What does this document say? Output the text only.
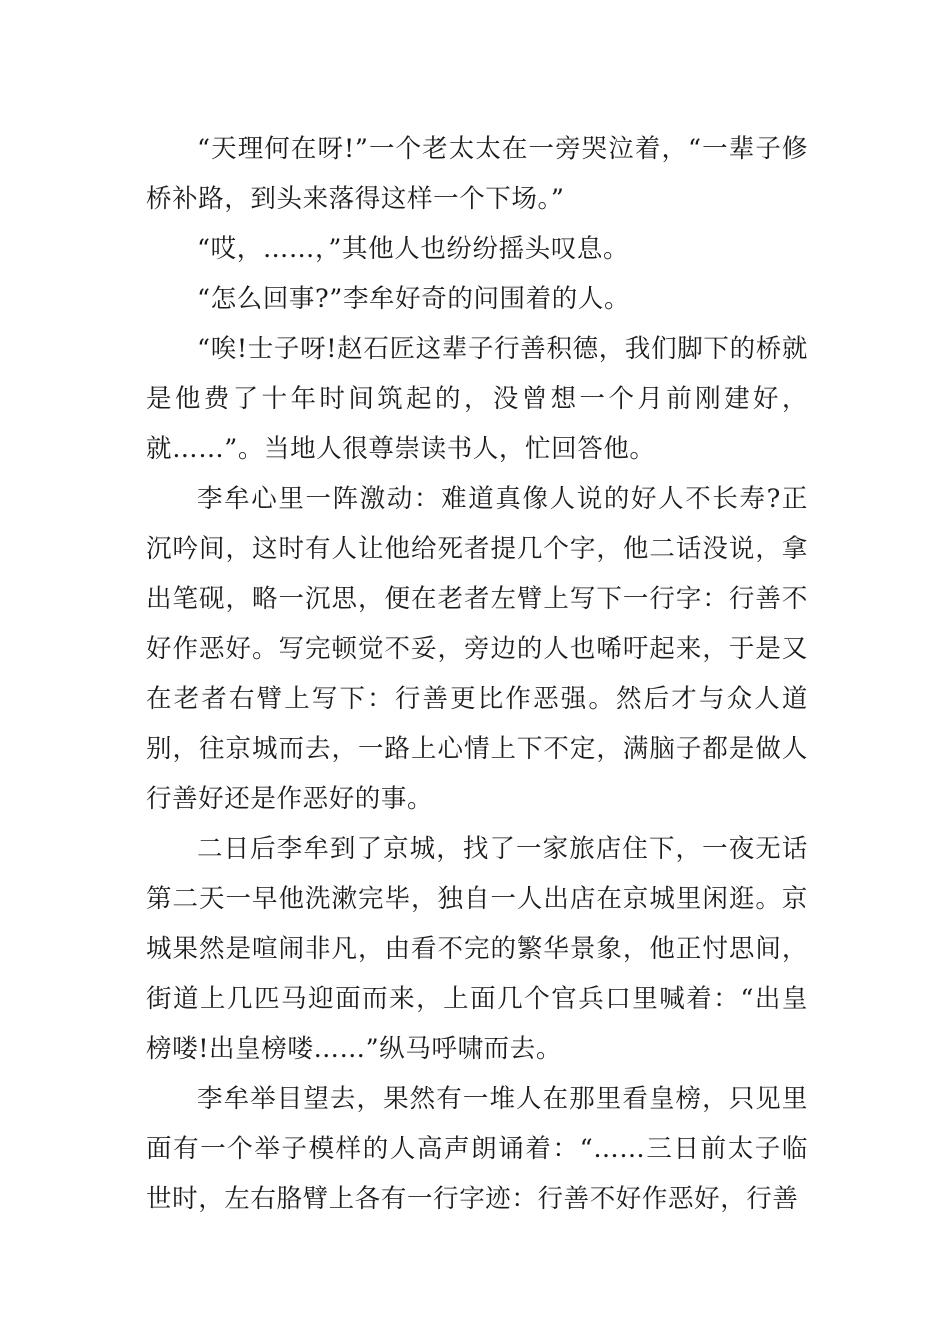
“天理何在呀!”一个老太太在一旁哭泣着，“一辈子修桥补路，到头来落得这样一个下场。”

“哎，……，”其他人也纷纷摇头叹息。

“怎么回事?”李牟好奇的问围着的人。

“唉!士子呀!赵石匠这辈子行善积德，我们脚下的桥就是他费了十年时间筑起的，没曾想一个月前刚建好，就……”。当地人很尊崇读书人，忙回答他。

李牟心里一阵激动：难道真像人说的好人不长寿?正沉吟间，这时有人让他给死者提几个字，他二话没说，拿出笔砚，略一沉思，便在老者左臂上写下一行字：行善不好作恶好。写完顿觉不妥，旁边的人也唏吁起来，于是又在老者右臂上写下：行善更比作恶强。然后才与众人道别，往京城而去，一路上心情上下不定，满脑子都是做人行善好还是作恶好的事。

二日后李牟到了京城，找了一家旅店住下，一夜无话第二天一早他洗漱完毕，独自一人出店在京城里闲逛。京城果然是喧闹非凡，由看不完的繁华景象，他正忖思间，街道上几匹马迎面而来，上面几个官兵口里喊着：“出皇榜喽!出皇榜喽……”纵马呼啸而去。

李牟举目望去，果然有一堆人在那里看皇榜，只见里面有一个举子模样的人高声朗诵着：“……三日前太子临世时，左右胳臂上各有一行字迹：行善不好作恶好，行善
